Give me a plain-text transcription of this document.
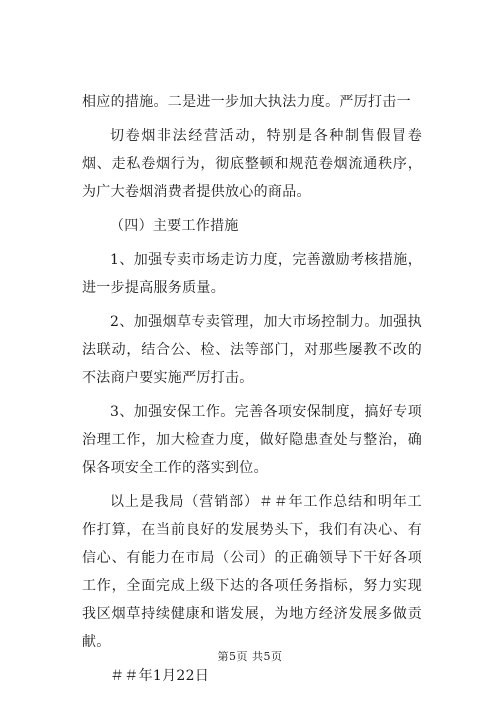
相应的措施。二是进一步加大执法力度。严厉打击一

切卷烟非法经营活动，特别是各种制售假冒卷烟、走私卷烟行为，彻底整顿和规范卷烟流通秩序，为广大卷烟消费者提供放心的商品。

（四）主要工作措施

1、加强专卖市场走访力度，完善激励考核措施，进一步提高服务质量。

2、加强烟草专卖管理，加大市场控制力。加强执法联动，结合公、检、法等部门，对那些屡教不改的不法商户要实施严厉打击。

3、加强安保工作。完善各项安保制度，搞好专项治理工作，加大检查力度，做好隐患查处与整治，确保各项安全工作的落实到位。

以上是我局（营销部）＃＃年工作总结和明年工作打算，在当前良好的发展势头下，我们有决心、有信心、有能力在市局（公司）的正确领导下干好各项工作，全面完成上级下达的各项任务指标，努力实现我区烟草持续健康和谐发展，为地方经济发展多做贡献。

＃＃年1月22日

第5页 共5页
